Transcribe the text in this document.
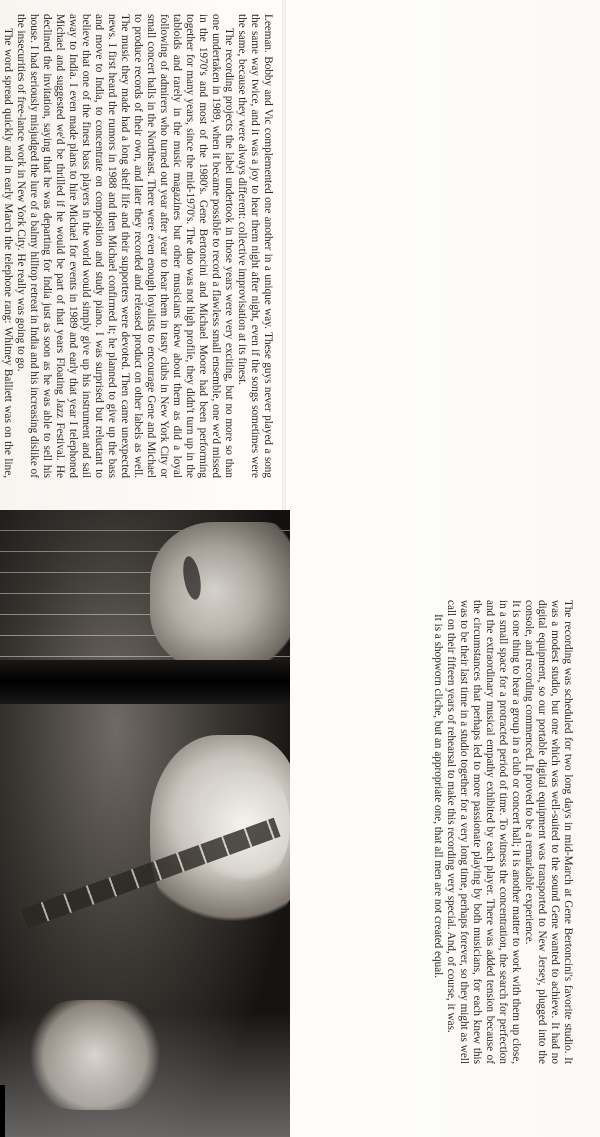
Leeman. Bobby and Vic complemented one another in a unique way. These guys never played a song the same way twice, and it was a joy to hear them night after night, even if the songs sometimes were the same, because they were always different: collective improvisation at its finest.

The recording projects the label undertook in those years were very exciting, but no more so than one undertaken in 1989, when it became possible to record a flawless small ensemble, one we'd missed in the 1970's and most of the 1980's. Gene Bertoncini and Michael Moore had been performing together for many years, since the mid-1970's. The duo was not high profile, they didn't turn up in the tabloids and rarely in the music magazines but other musicians knew about them as did a loyal following of admirers who turned out year after year to hear them in tasty clubs in New York City or small concert halls in the Northeast. There were even enough loyalists to encourage Gene and Michael to produce records of their own, and later they recorded and released product on other labels as well. The music they made had a long shelf life and their supporters were devoted. Then came unexpected news. I first heard the rumors in 1988 and then Michael confirmed it; he planned to give up the bass and move to India, to concentrate on composition and study piano. I was surprised but reluctant to believe that one of the finest bass players in the world would simply give up his instrument and sail away to India. I even made plans to hire Michael for events in 1989 and early that year I telephoned Michael and suggested we'd be thrilled if he would be part of that years Floating Jazz Festival. He declined the invitation, saying that he was departing for India just as soon as he was able to sell his house. I had seriously misjudged the lure of a balmy hilltop retreat in India and his increasing dislike of the insecurities of free-lance work in New York City. He really was going to go.

The word spread quickly and in early March the telephone rang: Whitney Balliett was on the line,

The recording was scheduled for two long days in mid-March at Gene Bertoncini's favorite studio. It was a modest studio, but one which was well-suited to the sound Gene wanted to achieve. It had no digital equipment, so our portable digital equipment was transported to New Jersey, plugged into the console, and recording commenced. It proved to be a remarkable experience.

It is one thing to hear a group in a club or concert hall; it is another matter to work with them up close, in a small space for a protracted period of time. To witness the concentration, the search for perfection and the extraordinary musical empathy exhibited by each player. There was added tension because of the circumstances that perhaps led to more passionate playing by both musicians, for each knew this was to be their last time in a studio together for a very long time, perhaps forever, so they might as well call on their fifteen years of rehearsal to make this recording very special. And, of course, it was.

It is a shopworn cliche, but an appropriate one, that all men are not created equal.
